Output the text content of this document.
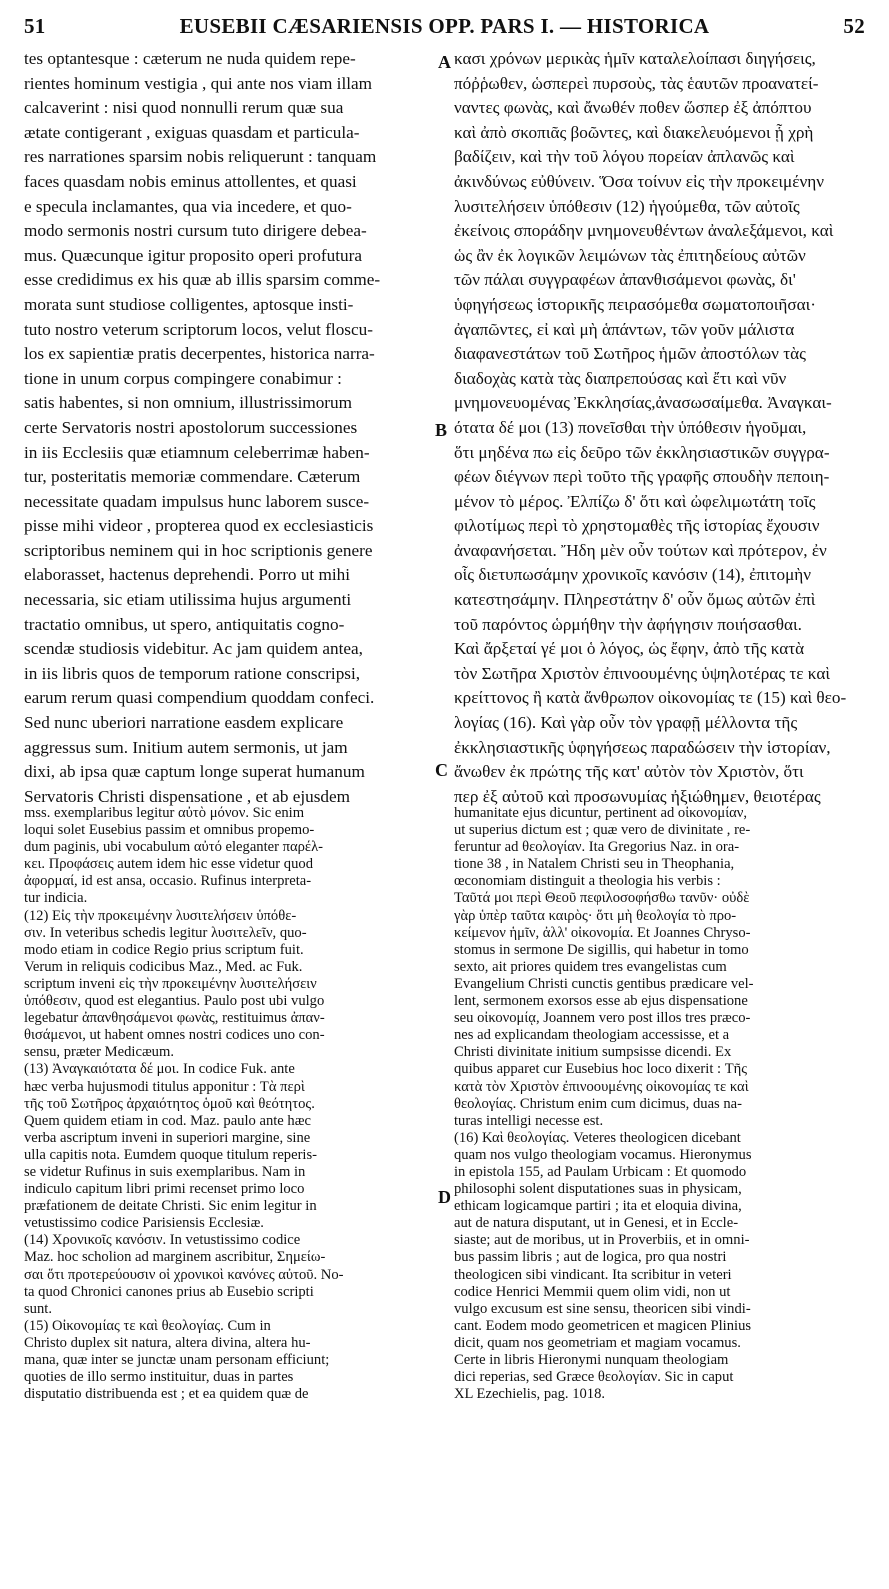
51	EUSEBII CÆSARIENSIS OPP. PARS I. — HISTORICA	52
tes optantesque : cæterum ne nuda quidem repe-
rientes hominum vestigia , qui ante nos viam illam
calcaverint : nisi quod nonnulli rerum quæ sua
ætate contigerant , exiguas quasdam et particula-
res narrationes sparsim nobis reliquerunt : tanquam
faces quasdam nobis eminus attollentes, et quasi
e specula inclamantes, qua via incedere, et quo-
modo sermonis nostri cursum tuto dirigere debea-
mus. Quæcunque igitur proposito operi profutura
esse credidimus ex his quæ ab illis sparsim comme-
morata sunt studiose colligentes, aptosque insti-
tuto nostro veterum scriptorum locos, velut floscu-
los ex sapientiæ pratis decerpentes, historica narra-
tione in unum corpus compingere conabimur :
satis habentes, si non omnium, illustrissimorum
certe Servatoris nostri apostolorum successiones
in iis Ecclesiis quæ etiamnum celeberrimæ haben-
tur, posteritatis memoriæ commendare. Cæterum
necessitate quadam impulsus hunc laborem susce-
pisse mihi videor , propterea quod ex ecclesiasticis
scriptoribus neminem qui in hoc scriptionis genere
elaborasset, hactenus deprehendi. Porro ut mihi
necessaria, sic etiam utilissima hujus argumenti
tractatio omnibus, ut spero, antiquitatis cogno-
scendæ studiosis videbitur. Ac jam quidem antea,
in iis libris quos de temporum ratione conscripsi,
earum rerum quasi compendium quoddam confeci.
Sed nunc uberiori narratione easdem explicare
aggressus sum. Initium autem sermonis, ut jam
dixi, ab ipsa quæ captum longe superat humanum
Servatoris Christi dispensatione , et ab ejusdem
κασι χρόνων μερικὰς ἡμῖν καταλελοίπασι διηγήσεις,
πόῤῥωθεν, ὡσπερεὶ πυρσοὺς, τὰς ἑαυτῶν προανατεί-
ναντες φωνὰς, καὶ ἄνωθέν ποθεν ὥσπερ ἐξ ἀπόπτου
καὶ ἀπὸ σκοπιᾶς βοῶντες, καὶ διακελευόμενοι ᾗ χρὴ
βαδίζειν, καὶ τὴν τοῦ λόγου πορείαν ἀπλανῶς καὶ
ἀκινδύνως εὐθύνειν. Ὅσα τοίνυν εἰς τὴν προκειμένην
λυσιτελήσειν ὑπόθεσιν (12) ἡγούμεθα, τῶν αὐτοῖς
ἐκείνοις σποράδην μνημονευθέντων ἀναλεξάμενοι, καὶ
ὡς ἂν ἐκ λογικῶν λειμώνων τὰς ἐπιτηδείους αὐτῶν
τῶν πάλαι συγγραφέων ἀπανθισάμενοι φωνὰς, δι'
ὑφηγήσεως ἱστορικῆς πειρασόμεθα σωματοποιῆσαι·
ἀγαπῶντες, εἰ καὶ μὴ ἁπάντων, τῶν γοῦν μάλιστα
διαφανεστάτων τοῦ Σωτῆρος ἡμῶν ἀποστόλων τὰς
διαδοχὰς κατὰ τὰς διαπρεπούσας καὶ ἔτι καὶ νῦν
μνημονευομένας Ἐκκλησίας,ἀνασωσαίμεθα. Ἀναγκαι-
ότατα δέ μοι (13) πονεῖσθαι τὴν ὑπόθεσιν ἡγοῦμαι,
ὅτι μηδένα πω εἰς δεῦρο τῶν ἐκκλησιαστικῶν συγγρα-
φέων διέγνων περὶ τοῦτο τῆς γραφῆς σπουδὴν πεποιη-
μένον τὸ μέρος. Ἐλπίζω δ' ὅτι καὶ ὠφελιμωτάτη τοῖς
φιλοτίμως περὶ τὸ χρηστομαθὲς τῆς ἱστορίας ἔχουσιν
ἀναφανήσεται. Ἤδη μὲν οὖν τούτων καὶ πρότερον, ἐν
οἷς διετυπωσάμην χρονικοῖς κανόσιν (14), ἐπιτομὴν
κατεστησάμην. Πληρεστάτην δ' οὖν ὅμως αὐτῶν ἐπὶ
τοῦ παρόντος ὡρμήθην τὴν ἀφήγησιν ποιήσασθαι.
Καὶ ἄρξεταί γέ μοι ὁ λόγος, ὡς ἔφην, ἀπὸ τῆς κατὰ
τὸν Σωτῆρα Χριστὸν ἐπινοουμένης ὑψηλοτέρας τε καὶ
κρείττονος ἢ κατὰ ἄνθρωπον οἰκονομίας τε (15) καὶ θεο-
λογίας (16). Καὶ γὰρ οὖν τὸν γραφῇ μέλλοντα τῆς
ἐκκλησιαστικῆς ὑφηγήσεως παραδώσειν τὴν ἱστορίαν,
ἄνωθεν ἐκ πρώτης τῆς κατ' αὐτὸν τὸν Χριστὸν, ὅτι
περ ἐξ αὐτοῦ καὶ προσωνυμίας ἠξιώθημεν, θειοτέρας
A
B
C
D
mss. exemplaribus legitur αὐτὸ μόνον. Sic enim
loqui solet Eusebius passim et omnibus propemo-
dum paginis, ubi vocabulum αὐτό eleganter παρέλ-
κει. Προφάσεις autem idem hic esse videtur quod
ἀφορμαί, id est ansa, occasio. Rufinus interpreta-
tur indicia.
(12) Εἰς τὴν προκειμένην λυσιτελήσειν ὑπόθε-
σιν. In veteribus schedis legitur λυσιτελεῖν, quo-
modo etiam in codice Regio prius scriptum fuit.
Verum in reliquis codicibus Maz., Med. ac Fuk.
scriptum inveni εἰς τὴν προκειμένην λυσιτελήσειν
ὑπόθεσιν, quod est elegantius. Paulo post ubi vulgo
legebatur ἀπανθησάμενοι φωνὰς, restituimus ἀπαν-
θισάμενοι, ut habent omnes nostri codices uno con-
sensu, præter Medicæum.
(13) Ἀναγκαιότατα δέ μοι. In codice Fuk. ante
hæc verba hujusmodi titulus apponitur : Τὰ περὶ
τῆς τοῦ Σωτῆρος ἀρχαιότητος ὁμοῦ καὶ θεότητος.
Quem quidem etiam in cod. Maz. paulo ante hæc
verba ascriptum inveni in superiori margine, sine
ulla capitis nota. Eumdem quoque titulum reperis-
se videtur Rufinus in suis exemplaribus. Nam in
indiculo capitum libri primi recenset primo loco
præfationem de deitate Christi. Sic enim legitur in
vetustissimo codice Parisiensis Ecclesiæ.
(14) Χρονικοῖς κανόσιν. In vetustissimo codice
Maz. hoc scholion ad marginem ascribitur, Σημείω-
σαι ὅτι προτερεύουσιν οἱ χρονικοὶ κανόνες αὐτοῦ. No-
ta quod Chronici canones prius ab Eusebio scripti
sunt.
(15) Οἰκονομίας τε καὶ θεολογίας. Cum in
Christo duplex sit natura, altera divina, altera hu-
mana, quæ inter se junctæ unam personam efficiunt;
quoties de illo sermo instituitur, duas in partes
disputatio distribuenda est ; et ea quidem quæ de
humanitate ejus dicuntur, pertinent ad οἰκονομίαν,
ut superius dictum est ; quæ vero de divinitate , re-
feruntur ad θεολογίαν. Ita Gregorius Naz. in ora-
tione 38 , in Natalem Christi seu in Theophania,
œconomiam distinguit a theologia his verbis :
Ταῦτά μοι περὶ Θεοῦ πεφιλοσοφήσθω τανῦν· οὐδὲ
γὰρ ὑπὲρ ταῦτα καιρὸς· ὅτι μὴ θεολογία τὸ προ-
κείμενον ἡμῖν, ἀλλ' οἰκονομία. Et Joannes Chryso-
stomus in sermone De sigillis, qui habetur in tomo
sexto, ait priores quidem tres evangelistas cum
Evangelium Christi cunctis gentibus prædicare vel-
lent, sermonem exorsos esse ab ejus dispensatione
seu οἰκονομίᾳ, Joannem vero post illos tres præco-
nes ad explicandam theologiam accessisse, et a
Christi divinitate initium sumpsisse dicendi. Ex
quibus apparet cur Eusebius hoc loco dixerit : Τῆς
κατὰ τὸν Χριστὸν ἐπινοουμένης οἰκονομίας τε καὶ
θεολογίας. Christum enim cum dicimus, duas na-
turas intelligi necesse est.
(16) Καὶ θεολογίας. Veteres theologicen dicebant
quam nos vulgo theologiam vocamus. Hieronymus
in epistola 155, ad Paulam Urbicam : Et quomodo
philosophi solent disputationes suas in physicam,
ethicam logicamque partiri ; ita et eloquia divina,
aut de natura disputant, ut in Genesi, et in Eccle-
siaste; aut de moribus, ut in Proverbiis, et in omni-
bus passim libris ; aut de logica, pro qua nostri
theologicen sibi vindicant. Ita scribitur in veteri
codice Henrici Memmii quem olim vidi, non ut
vulgo excusum est sine sensu, theoricen sibi vindi-
cant. Eodem modo geometricen et magicen Plinius
dicit, quam nos geometriam et magiam vocamus.
Certe in libris Hieronymi nunquam theologiam
dici reperias, sed Græce θεολογίαν. Sic in caput
XL Ezechielis, pag. 1018.
